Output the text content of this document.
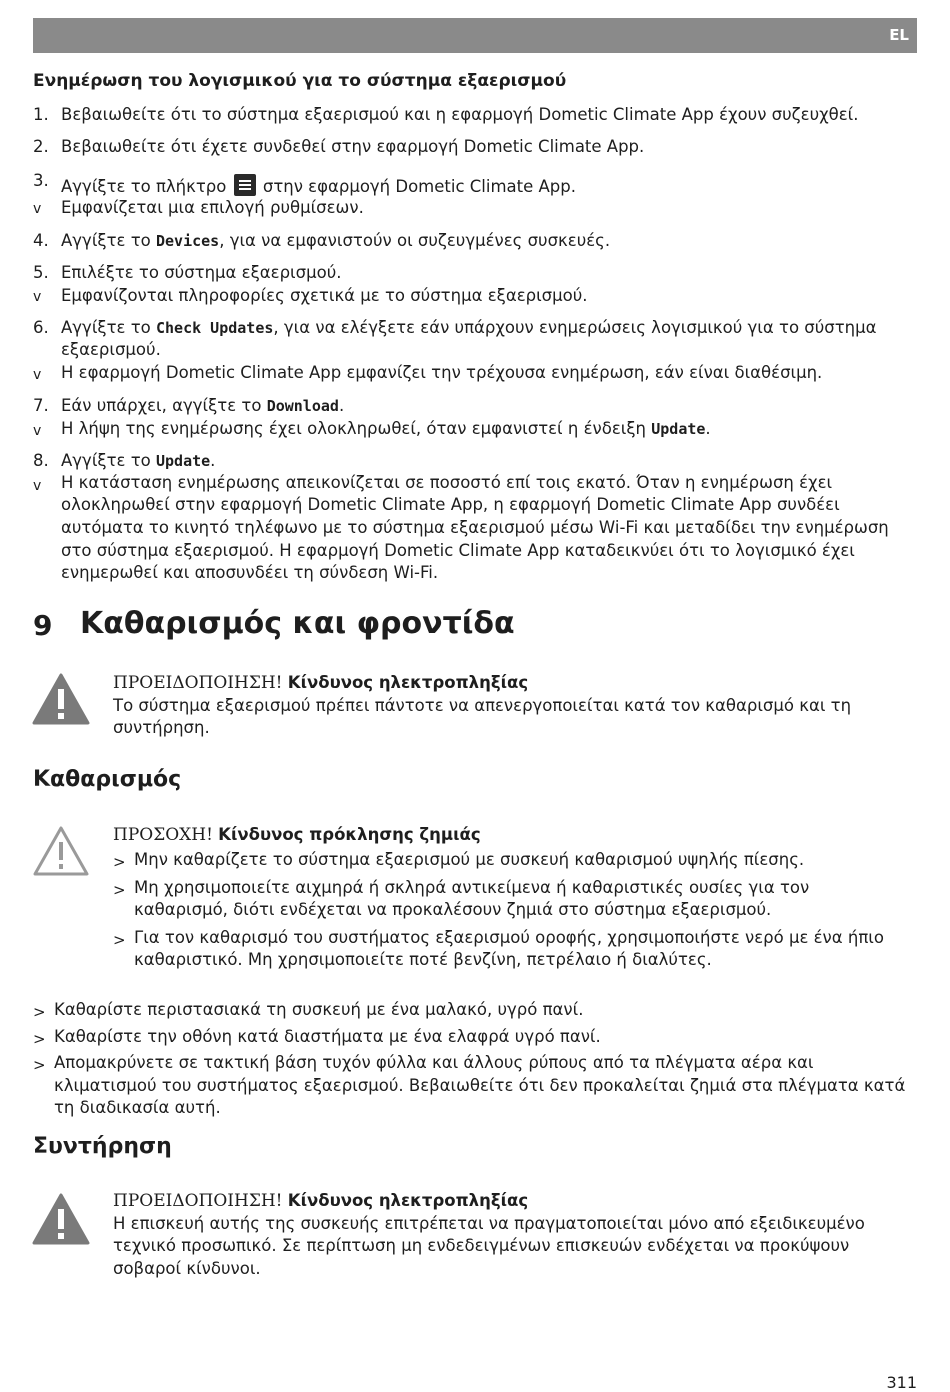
EL
Ενημέρωση του λογισμικού για το σύστημα εξαερισμού
1. Βεβαιωθείτε ότι το σύστημα εξαερισμού και η εφαρμογή Dometic Climate App έχουν συζευχθεί.
2. Βεβαιωθείτε ότι έχετε συνδεθεί στην εφαρμογή Dometic Climate App.
3. Αγγίξτε το πλήκτρο στην εφαρμογή Dometic Climate App.
v	Εμφανίζεται μια επιλογή ρυθμίσεων.
4. Αγγίξτε το Devices, για να εμφανιστούν οι συζευγμένες συσκευές.
5. Επιλέξτε το σύστημα εξαερισμού.
v	Εμφανίζονται πληροφορίες σχετικά με το σύστημα εξαερισμού.
6. Αγγίξτε το Check Updates, για να ελέγξετε εάν υπάρχουν ενημερώσεις λογισμικού για το σύστημα
εξαερισμού.
v	Η εφαρμογή Dometic Climate App εμφανίζει την τρέχουσα ενημέρωση, εάν είναι διαθέσιμη.
7. Εάν υπάρχει, αγγίξτε το Download.
v	Η λήψη της ενημέρωσης έχει ολοκληρωθεί, όταν εμφανιστεί η ένδειξη Update.
8. Αγγίξτε το Update.
v	Η κατάσταση ενημέρωσης απεικονίζεται σε ποσοστό επί τοις εκατό. Όταν η ενημέρωση έχει
ολοκληρωθεί στην εφαρμογή Dometic Climate App, η εφαρμογή Dometic Climate App συνδέει
αυτόματα το κινητό τηλέφωνο με το σύστημα εξαερισμού μέσω Wi-Fi και μεταδίδει την ενημέρωση
στο σύστημα εξαερισμού. Η εφαρμογή Dometic Climate App καταδεικνύει ότι το λογισμικό έχει
ενημερωθεί και αποσυνδέει τη σύνδεση Wi-Fi.
9 Καθαρισμός και φροντίδα
ΠΡΟΕΙΔΟΠΟΙΗΣΗ! Κίνδυνος ηλεκτροπληξίας
Το σύστημα εξαερισμού πρέπει πάντοτε να απενεργοποιείται κατά τον καθαρισμό και τη
συντήρηση.
Καθαρισμός
ΠΡΟΣΟΧΗ! Κίνδυνος πρόκλησης ζημιάς
> Μην καθαρίζετε το σύστημα εξαερισμού με συσκευή καθαρισμού υψηλής πίεσης.
> Μη χρησιμοποιείτε αιχμηρά ή σκληρά αντικείμενα ή καθαριστικές ουσίες για τον
καθαρισμό, διότι ενδέχεται να προκαλέσουν ζημιά στο σύστημα εξαερισμού.
> Για τον καθαρισμό του συστήματος εξαερισμού οροφής, χρησιμοποιήστε νερό με ένα ήπιο
καθαριστικό. Μη χρησιμοποιείτε ποτέ βενζίνη, πετρέλαιο ή διαλύτες.
> Καθαρίστε περιστασιακά τη συσκευή με ένα μαλακό, υγρό πανί.
> Καθαρίστε την οθόνη κατά διαστήματα με ένα ελαφρά υγρό πανί.
> Απομακρύνετε σε τακτική βάση τυχόν φύλλα και άλλους ρύπους από τα πλέγματα αέρα και
κλιματισμού του συστήματος εξαερισμού. Βεβαιωθείτε ότι δεν προκαλείται ζημιά στα πλέγματα κατά
τη διαδικασία αυτή.
Συντήρηση
ΠΡΟΕΙΔΟΠΟΙΗΣΗ! Κίνδυνος ηλεκτροπληξίας
Η επισκευή αυτής της συσκευής επιτρέπεται να πραγματοποιείται μόνο από εξειδικευμένο
τεχνικό προσωπικό. Σε περίπτωση μη ενδεδειγμένων επισκευών ενδέχεται να προκύψουν
σοβαροί κίνδυνοι.
311
